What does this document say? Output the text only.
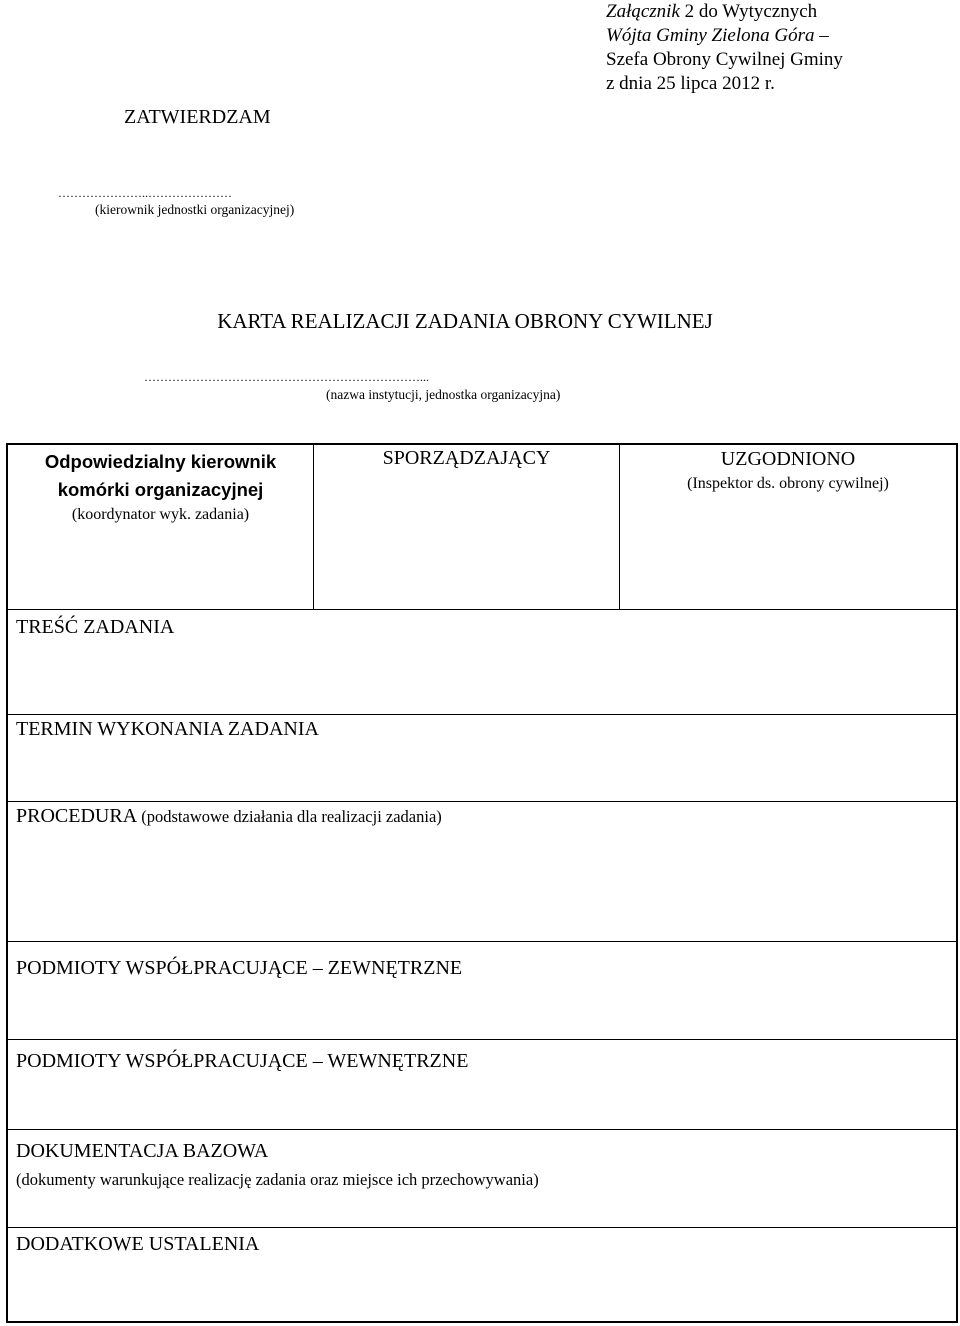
Załącznik 2 do Wytycznych
Wójta Gminy Zielona Góra –
Szefa Obrony Cywilnej Gminy
z dnia 25 lipca 2012 r.
ZATWIERDZAM
…………………..…………………
(kierownik jednostki organizacyjnej)
KARTA REALIZACJI ZADANIA OBRONY CYWILNEJ
……………………………………………………………...
(nazwa instytucji, jednostka organizacyjna)
Odpowiedzialny kierownik
komórki organizacyjnej
(koordynator wyk. zadania)
SPORZĄDZAJĄCY	UZGODNIONO
(Inspektor ds. obrony cywilnej)
TREŚĆ ZADANIA
TERMIN WYKONANIA ZADANIA
PROCEDURA (podstawowe działania dla realizacji zadania)
PODMIOTY WSPÓŁPRACUJĄCE – ZEWNĘTRZNE
PODMIOTY WSPÓŁPRACUJĄCE – WEWNĘTRZNE
DOKUMENTACJA BAZOWA
(dokumenty warunkujące realizację zadania oraz miejsce ich przechowywania)
DODATKOWE USTALENIA
